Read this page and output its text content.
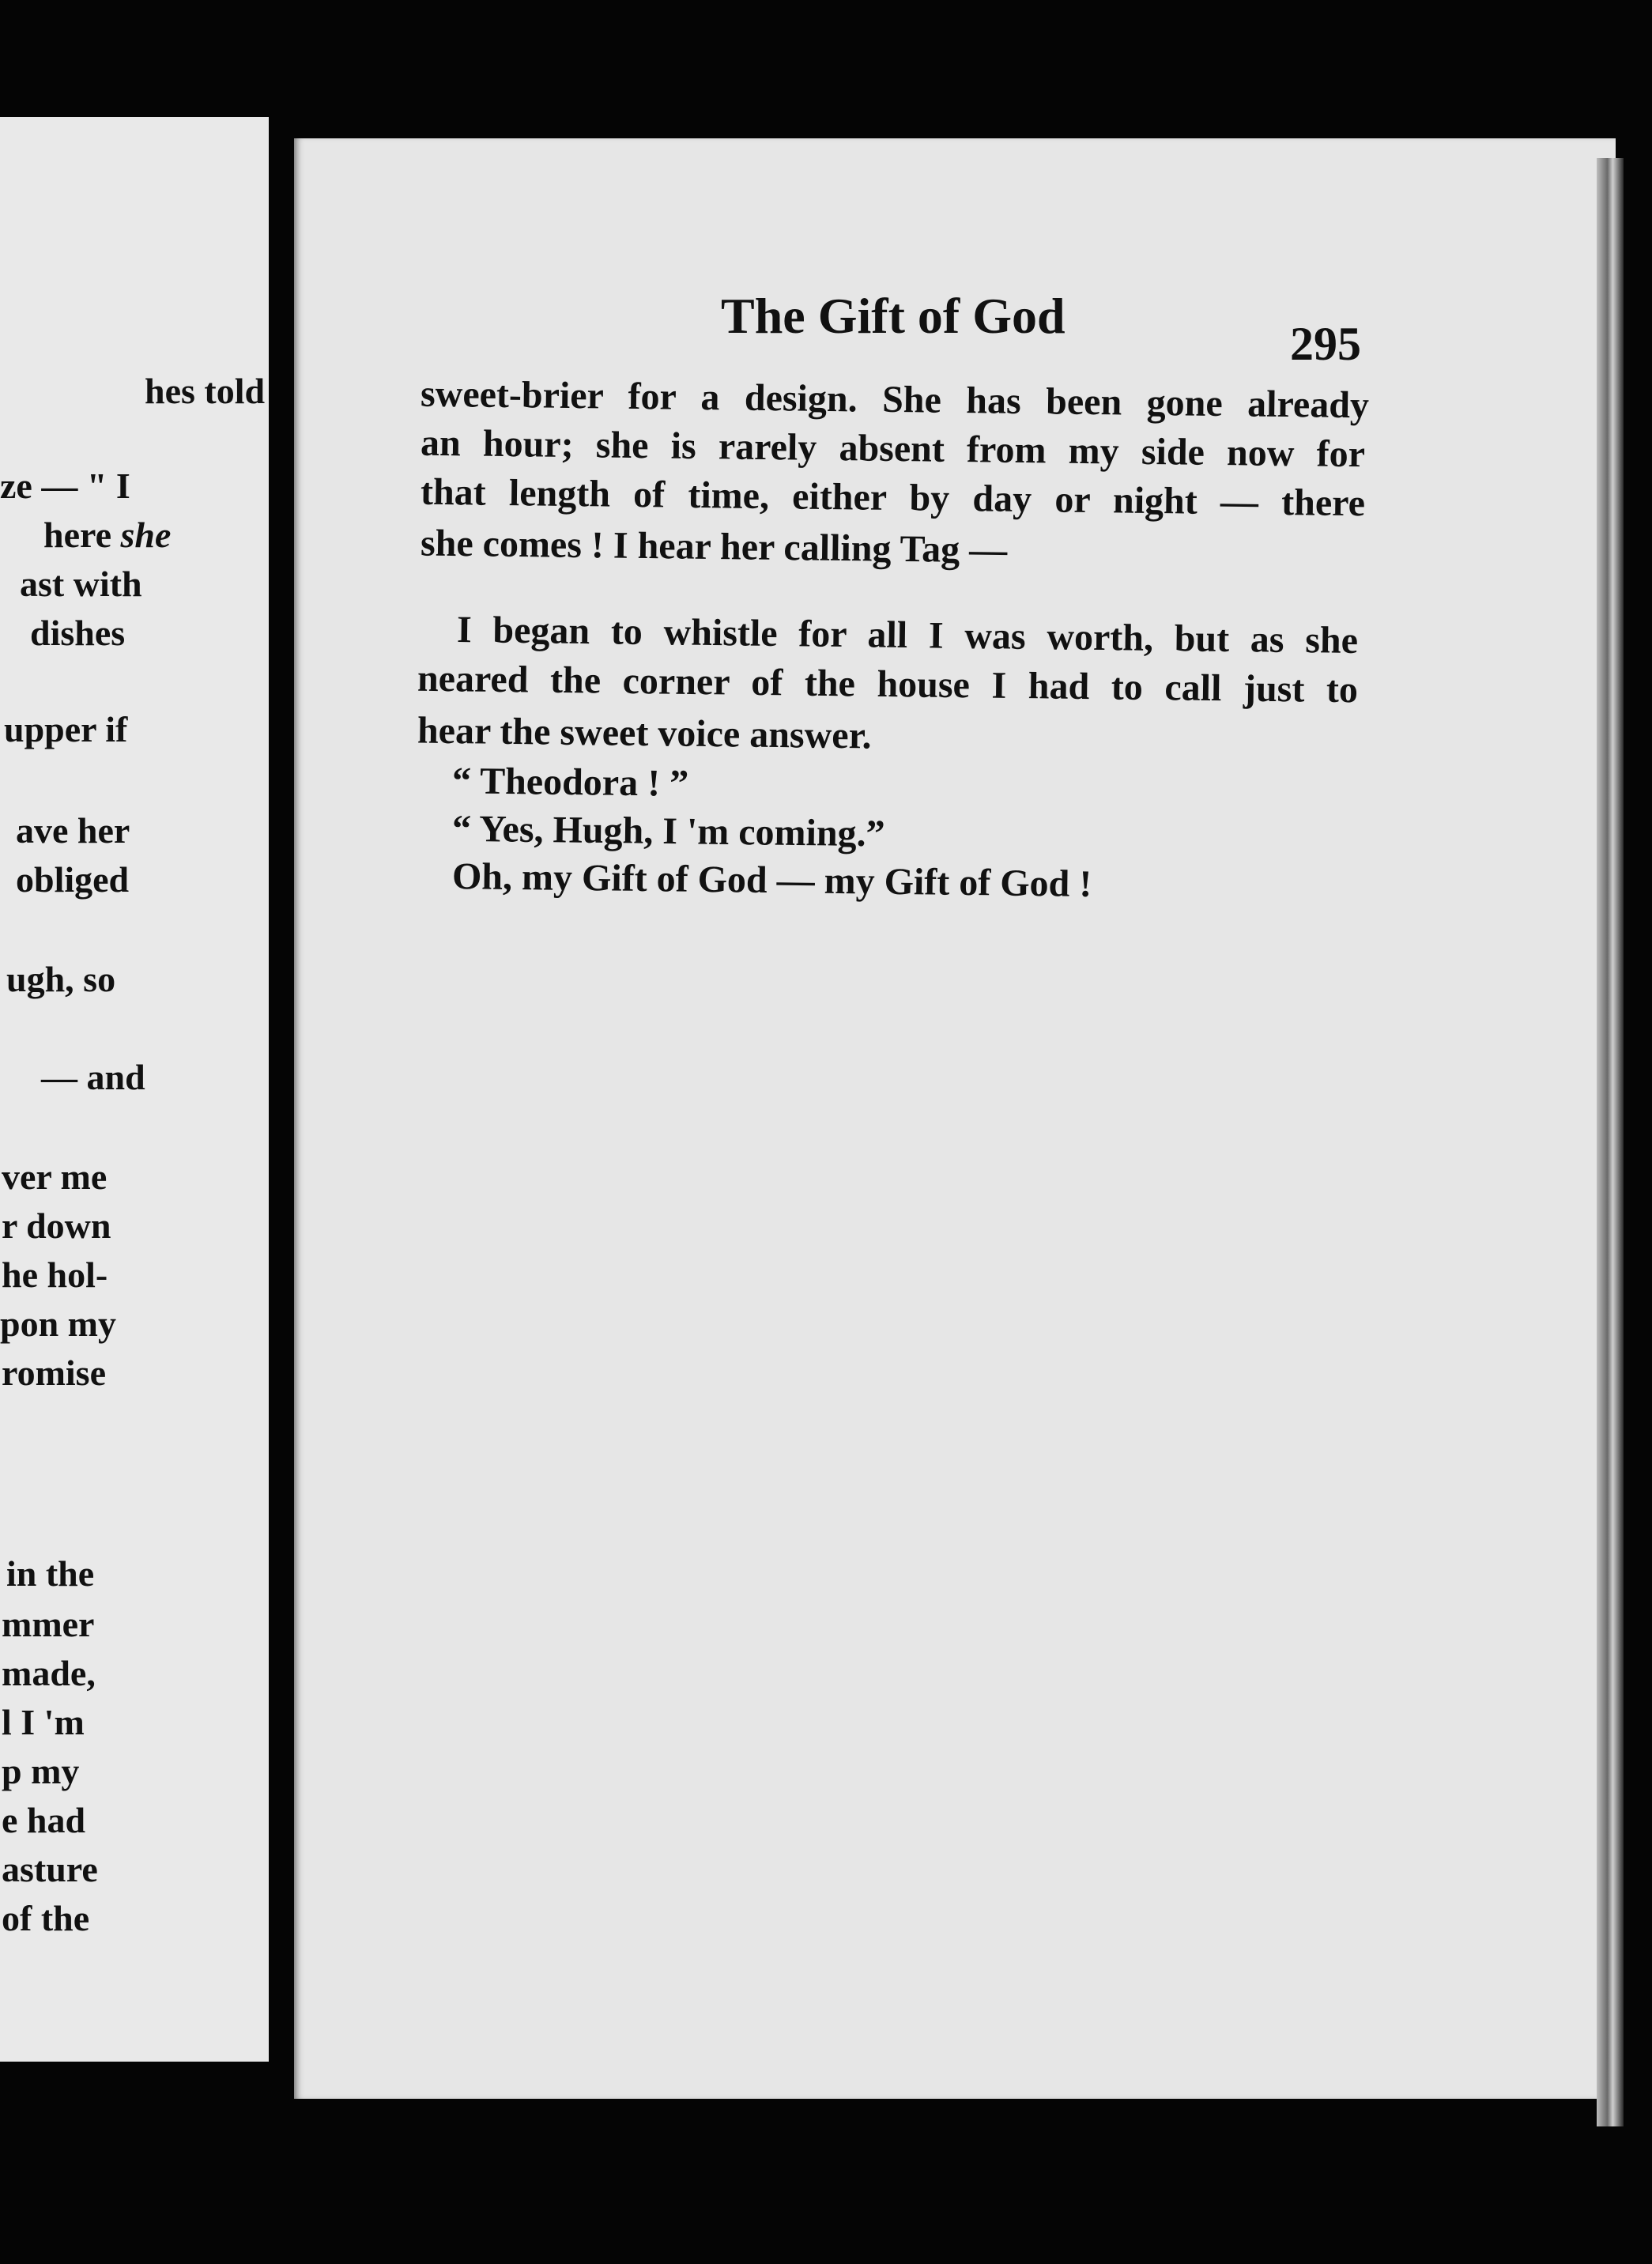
hes told
ze — " I
here she
ast with
dishes
upper if
ave her
obliged
ugh, so
— and
ver me
r down
he hol-
pon my
romise
in the
mmer
made,
l I 'm
p my
e had
asture
of the
The Gift of God	295
sweet-brier for a design. She has been gone already
an hour; she is rarely absent from my side now for
that length of time, either by day or night — there
she comes ! I hear her calling Tag —
I began to whistle for all I was worth, but as she
neared the corner of the house I had to call just to
hear the sweet voice answer.
“ Theodora ! ”
“ Yes, Hugh, I 'm coming.”
Oh, my Gift of God — my Gift of God !
